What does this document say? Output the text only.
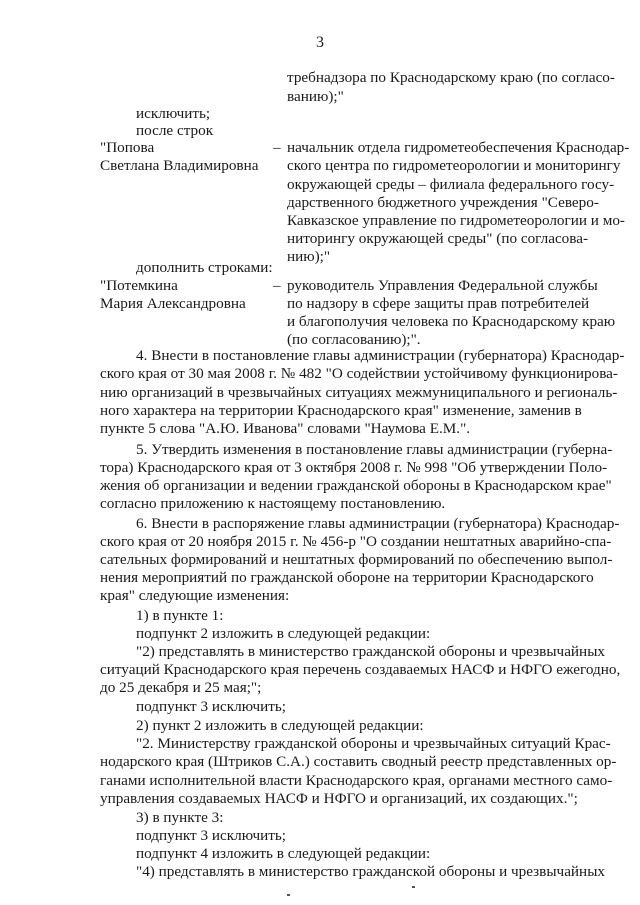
3
требнадзора по Краснодарскому краю (по согласо-
ванию);"
исключить;
после строк
"Попова
Светлана Владимировна
– начальник отдела гидрометеобеспечения Краснодар-
ского центра по гидрометеорологии и мониторингу
окружающей среды – филиала федерального госу-
дарственного бюджетного учреждения "Северо-
Кавказское управление по гидрометеорологии и мо-
ниторингу окружающей среды" (по согласова-
нию);"
дополнить строками:
"Потемкина
Мария Александровна
– руководитель Управления Федеральной службы
по надзору в сфере защиты прав потребителей
и благополучия человека по Краснодарскому краю
(по согласованию);".
4. Внести в постановление главы администрации (губернатора) Краснодар-
ского края от 30 мая 2008 г. № 482 "О содействии устойчивому функционирова-
нию организаций в чрезвычайных ситуациях межмуниципального и региональ-
ного характера на территории Краснодарского края" изменение, заменив в
пункте 5 слова "А.Ю. Иванова" словами "Наумова Е.М.".
5. Утвердить изменения в постановление главы администрации (губерна-
тора) Краснодарского края от 3 октября 2008 г. № 998 "Об утверждении Поло-
жения об организации и ведении гражданской обороны в Краснодарском крае"
согласно приложению к настоящему постановлению.
6. Внести в распоряжение главы администрации (губернатора) Краснодар-
ского края от 20 ноября 2015 г. № 456-р "О создании нештатных аварийно-спа-
сательных формирований и нештатных формирований по обеспечению выпол-
нения мероприятий по гражданской обороне на территории Краснодарского
края" следующие изменения:
1) в пункте 1:
подпункт 2 изложить в следующей редакции:
"2) представлять в министерство гражданской обороны и чрезвычайных
ситуаций Краснодарского края перечень создаваемых НАСФ и НФГО ежегодно,
до 25 декабря и 25 мая;";
подпункт 3 исключить;
2) пункт 2 изложить в следующей редакции:
"2. Министерству гражданской обороны и чрезвычайных ситуаций Крас-
нодарского края (Штриков С.А.) составить сводный реестр представленных ор-
ганами исполнительной власти Краснодарского края, органами местного само-
управления создаваемых НАСФ и НФГО и организаций, их создающих.";
3) в пункте 3:
подпункт 3 исключить;
подпункт 4 изложить в следующей редакции:
"4) представлять в министерство гражданской обороны и чрезвычайных
